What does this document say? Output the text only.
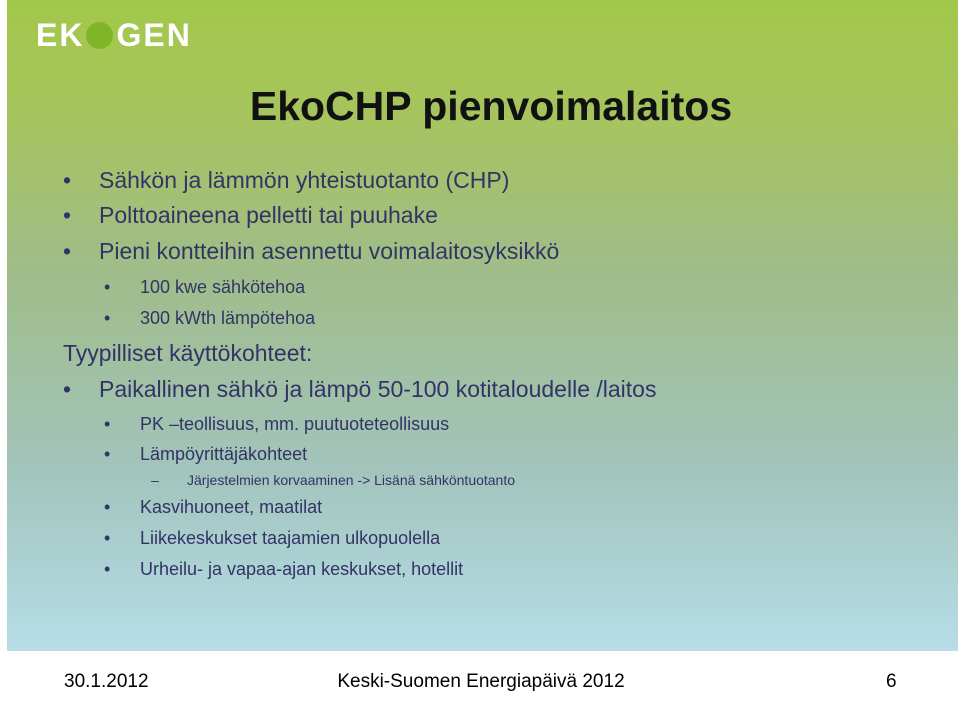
EK GEN
EkoCHP pienvoimalaitos
• Sähkön ja lämmön yhteistuotanto (CHP)
• Polttoaineena pelletti tai puuhake
• Pieni kontteihin asennettu voimalaitosyksikkö
• 100 kwe sähkötehoa
• 300 kWth lämpötehoa
Tyypilliset käyttökohteet:
• Paikallinen sähkö ja lämpö 50-100 kotitaloudelle /laitos
• PK –teollisuus, mm. puutuoteteollisuus
• Lämpöyrittäjäkohteet
– Järjestelmien korvaaminen -> Lisänä sähköntuotanto
• Kasvihuoneet, maatilat
• Liikekeskukset taajamien ulkopuolella
• Urheilu- ja vapaa-ajan keskukset, hotellit
30.1.2012	Keski-Suomen Energiapäivä 2012	6
